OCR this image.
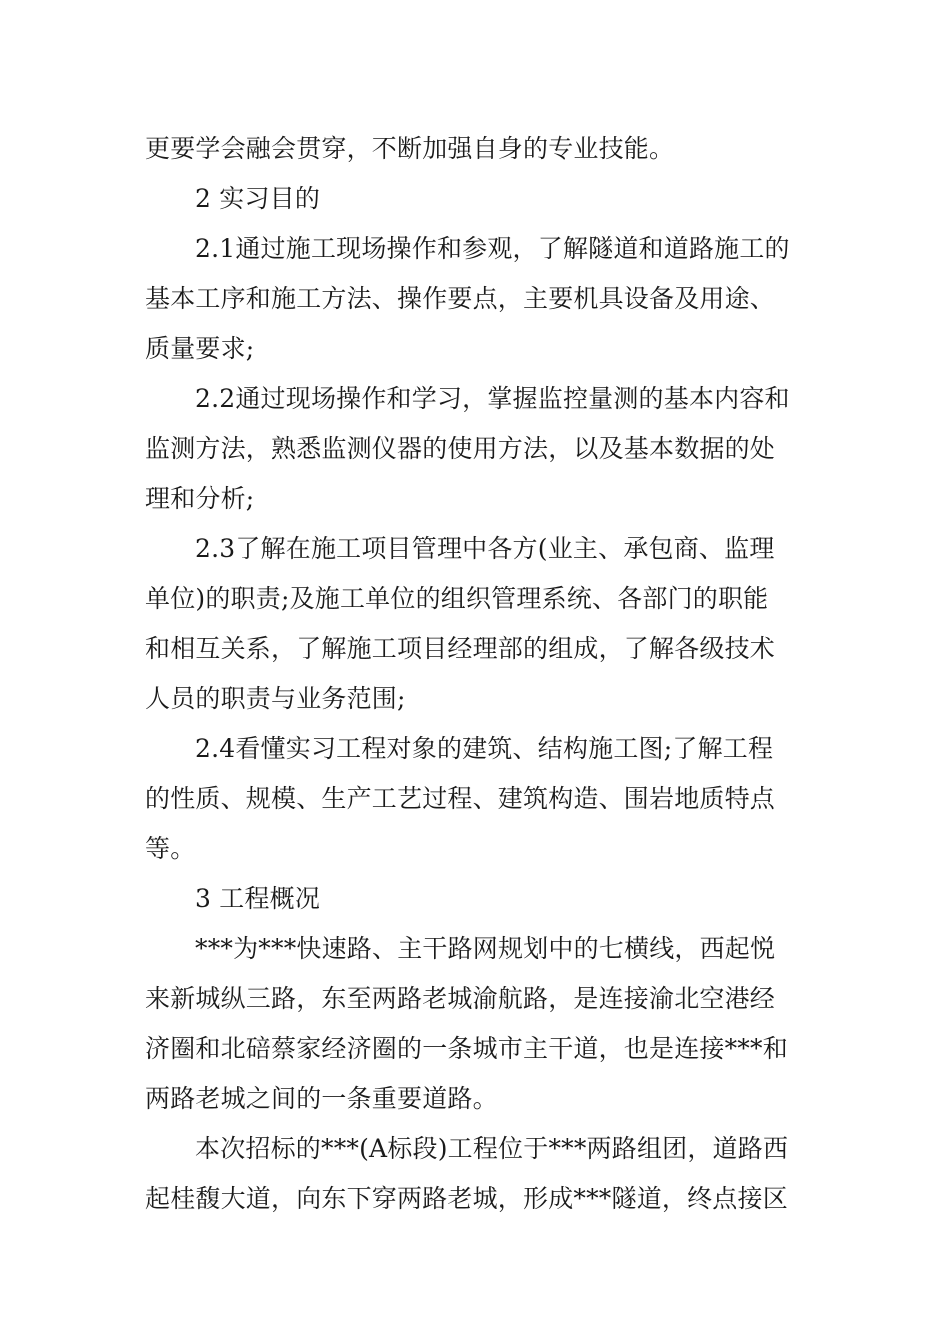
更要学会融会贯穿，不断加强自身的专业技能。
2 实习目的
2.1通过施工现场操作和参观，了解隧道和道路施工的
基本工序和施工方法、操作要点，主要机具设备及用途、
质量要求;
2.2通过现场操作和学习，掌握监控量测的基本内容和
监测方法，熟悉监测仪器的使用方法，以及基本数据的处
理和分析;
2.3了解在施工项目管理中各方(业主、承包商、监理
单位)的职责;及施工单位的组织管理系统、各部门的职能
和相互关系，了解施工项目经理部的组成，了解各级技术
人员的职责与业务范围;
2.4看懂实习工程对象的建筑、结构施工图;了解工程
的性质、规模、生产工艺过程、建筑构造、围岩地质特点
等。
3 工程概况
***为***快速路、主干路网规划中的七横线，西起悦
来新城纵三路，东至两路老城渝航路，是连接渝北空港经
济圈和北碚蔡家经济圈的一条城市主干道，也是连接***和
两路老城之间的一条重要道路。
本次招标的***(A标段)工程位于***两路组团，道路西
起桂馥大道，向东下穿两路老城，形成***隧道，终点接区
